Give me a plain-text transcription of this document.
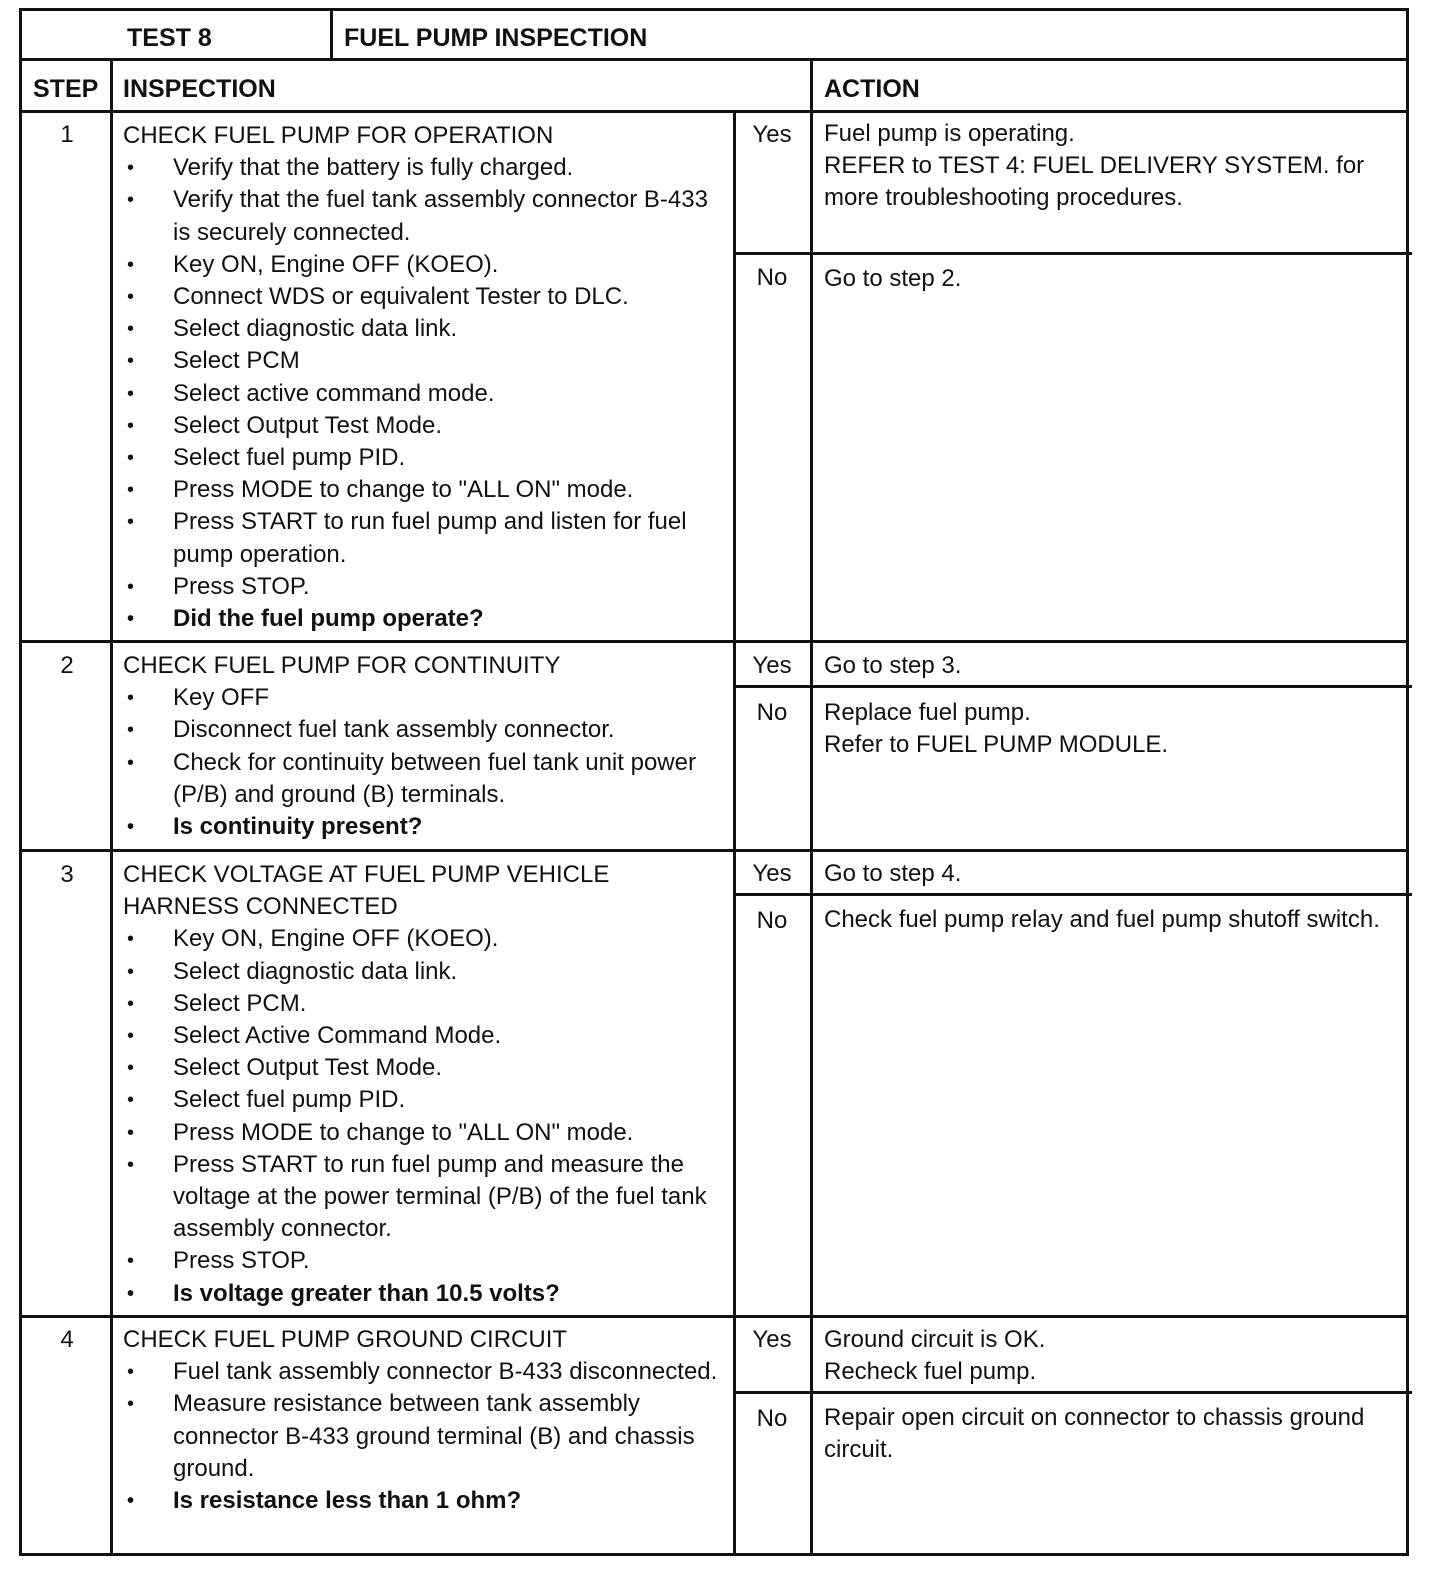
TEST 8	FUEL PUMP INSPECTION
STEP INSPECTION	ACTION
1	CHECK FUEL PUMP FOR OPERATION
• Verify that the battery is fully charged.
• Verify that the fuel tank assembly connector B-433 is securely connected.
• Key ON, Engine OFF (KOEO).
• Connect WDS or equivalent Tester to DLC.
• Select diagnostic data link.
• Select PCM
• Select active command mode.
• Select Output Test Mode.
• Select fuel pump PID.
• Press MODE to change to "ALL ON" mode.
• Press START to run fuel pump and listen for fuel pump operation.
• Press STOP.
• Did the fuel pump operate?
Yes	Fuel pump is operating.
REFER to TEST 4: FUEL DELIVERY SYSTEM. for more troubleshooting procedures.
No	Go to step 2.
2	CHECK FUEL PUMP FOR CONTINUITY
• Key OFF
• Disconnect fuel tank assembly connector.
• Check for continuity between fuel tank unit power (P/B) and ground (B) terminals.
• Is continuity present?
Yes	Go to step 3.
No	Replace fuel pump.
Refer to FUEL PUMP MODULE.
3	CHECK VOLTAGE AT FUEL PUMP VEHICLE HARNESS CONNECTED
• Key ON, Engine OFF (KOEO).
• Select diagnostic data link.
• Select PCM.
• Select Active Command Mode.
• Select Output Test Mode.
• Select fuel pump PID.
• Press MODE to change to "ALL ON" mode.
• Press START to run fuel pump and measure the voltage at the power terminal (P/B) of the fuel tank assembly connector.
• Press STOP.
• Is voltage greater than 10.5 volts?
Yes	Go to step 4.
No	Check fuel pump relay and fuel pump shutoff switch.
4	CHECK FUEL PUMP GROUND CIRCUIT
• Fuel tank assembly connector B-433 disconnected.
• Measure resistance between tank assembly connector B-433 ground terminal (B) and chassis ground.
• Is resistance less than 1 ohm?
Yes	Ground circuit is OK.
Recheck fuel pump.
No	Repair open circuit on connector to chassis ground circuit.
